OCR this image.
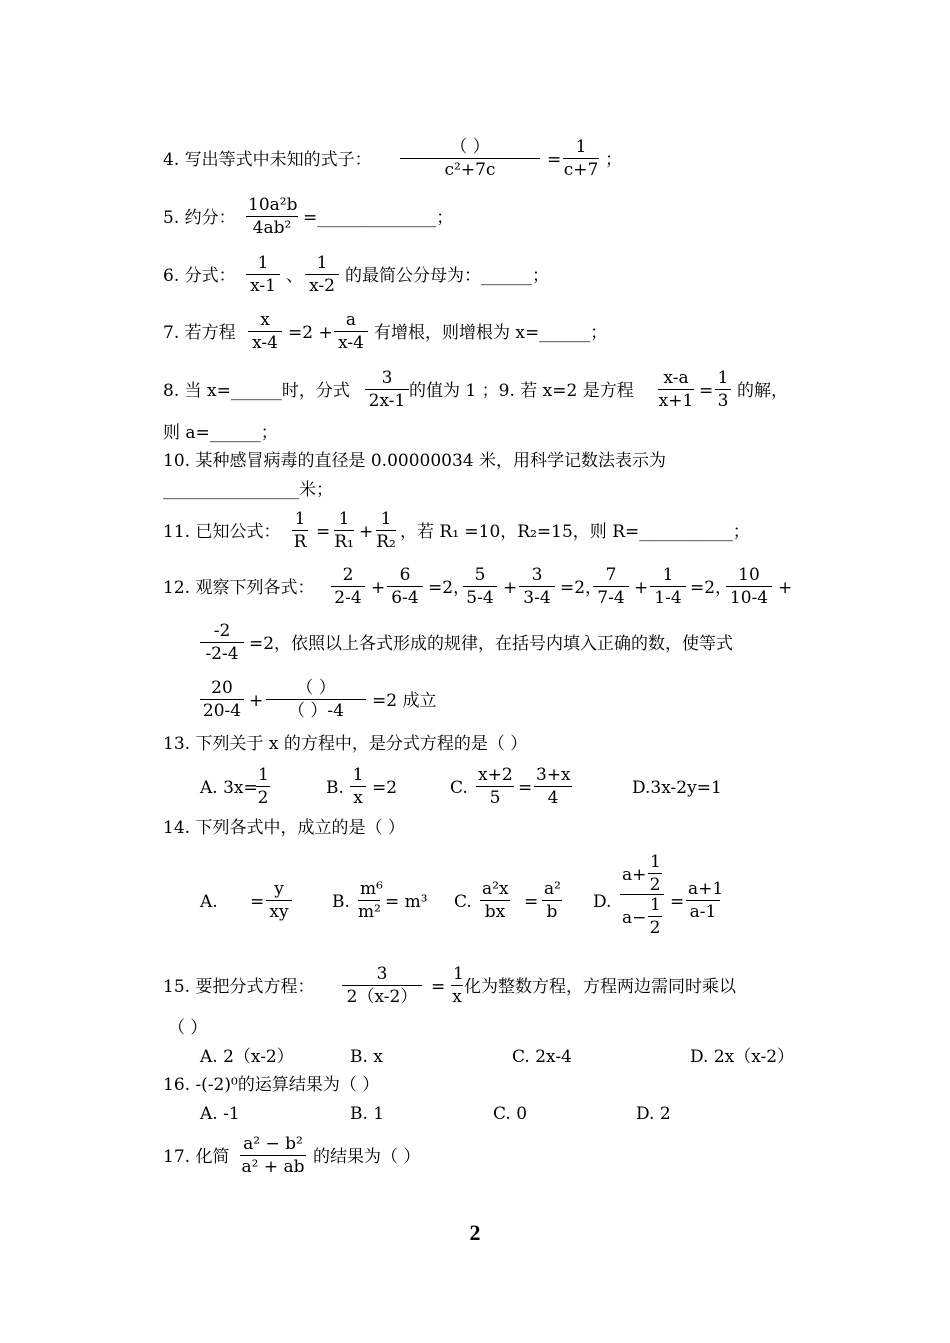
4. 写出等式中未知的式子：
（ ）
c²+7c	= $\frac{1}{c+7}$ ；
5. 约分： $\frac{\text{10a²b}}{\text{4ab²}}$ =______________；
6. 分式： $\frac{1}{x-1}$ 、 $\frac{1}{x-2}$ 的最简公分母为：______；
7. 若方程 $\frac{x}{x-4} =2 + \frac{a}{x-4}$ 有增根，则增根为 x=______；
8. 当 x=______时，分式 $\frac{3}{2x-1}$ 的值为 1 ；9. 若 x=2 是方程 $\frac{x-a}{x+1} = \frac{1}{3}$ 的解，
则 a=______；
10. 某种感冒病毒的直径是 0.00000034 米，用科学记数法表示为
________________米；
11. 已知公式： $\frac{1}{R} = \frac{1}{\text{R₁}} + \frac{1}{\text{R₂}}$ ，若 R₁ =10，R₂=15，则 R=___________；
12. 观察下列各式： $\frac{2}{2-4} + \frac{6}{6-4} =2$，
$\frac{5}{5-4} + \frac{3}{3-4} =2$，
$\frac{7}{7-4} + \frac{1}{1-4} =2$，
$\frac{10}{10-4}$ +
$\frac{-2}{-2-4} =2$，依照以上各式形成的规律，在括号内填入正确的数，使等式
$\frac{20}{20-4}$ +
（ ）
（ ）-4	=2 成立
13. 下列关于 x 的方程中，是分式方程的是（ ）
A. 3x=
$\frac{1}{2}$	B. $\frac{1}{x} =2$	C. $\frac{x+2}{5} = \frac{3+x}{4}$	D.3x-2y=1
14. 下列各式中，成立的是（ ）
A. = $\frac{y}{xy} B$. $\frac{\text{m⁶}}{\text{m²}} = m^3$ C. $\frac{\text{a²x}}{bx} = \frac{\text{a²}}{b} D$.
$a+ \frac{1}{2}$
$a- \frac{1}{2} = \frac{a+1}{a-1}$
15. 要把分式方程： $\frac{3}{2(x-2)} = \frac{1}{x}$ 化为整数方程，方程两边需同时乘以
（ ）
A. 2（x-2）	B. x	C. 2x-4	D. 2x（x-2）
16. -(-2)⁰的运算结果为（ ）
A. -1	B. 1	C. 0	D. 2
17. 化简 $\frac{\text{a² − b²}}{\text{a² + ab}}$ 的结果为（ ）
2
